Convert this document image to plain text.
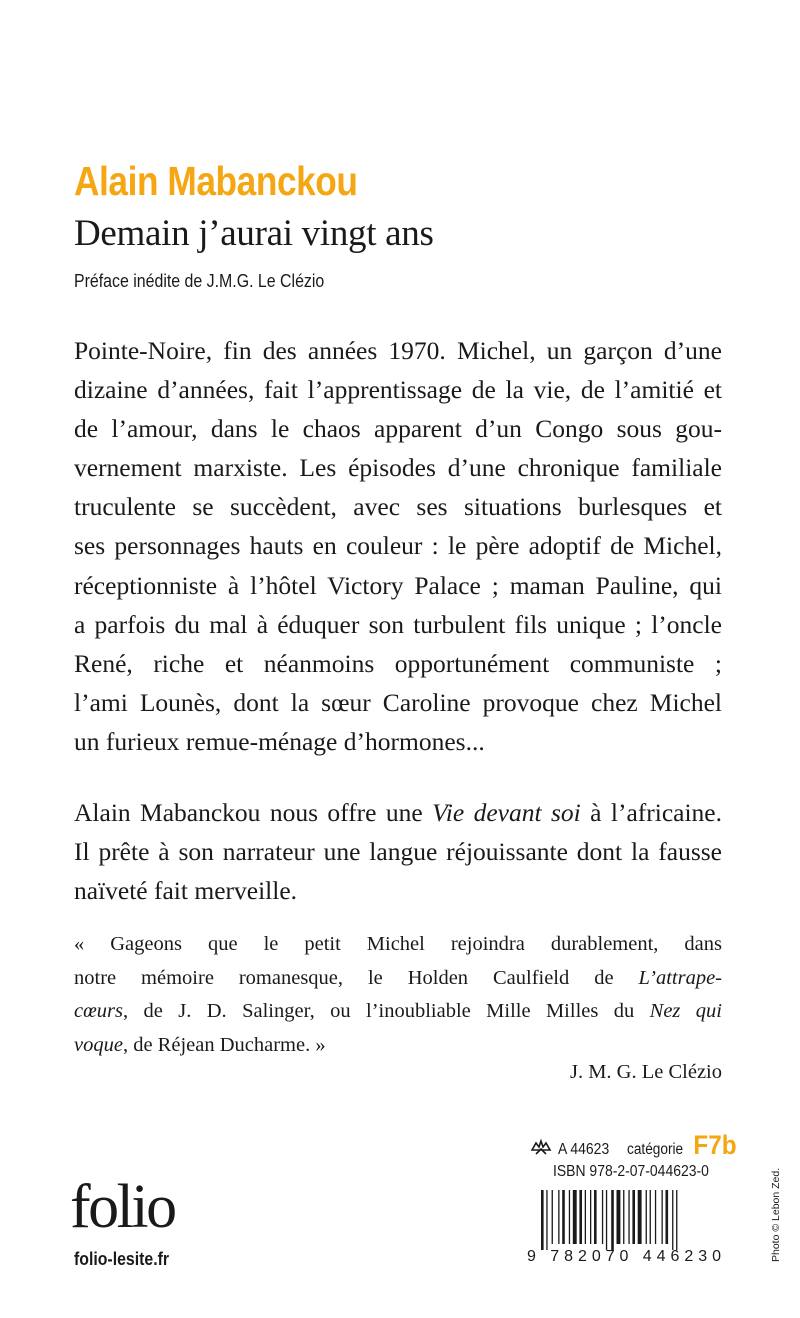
Alain Mabanckou
Demain j’aurai vingt ans

Préface inédite de J.M.G. Le Clézio

Pointe-Noire, fin des années 1970. Michel, un garçon d’une
dizaine d’années, fait l’apprentissage de la vie, de l’amitié et
de l’amour, dans le chaos apparent d’un Congo sous gou-
vernement marxiste. Les épisodes d’une chronique familiale
truculente se succèdent, avec ses situations burlesques et
ses personnages hauts en couleur : le père adoptif de Michel,
réceptionniste à l’hôtel Victory Palace ; maman Pauline, qui
a parfois du mal à éduquer son turbulent fils unique ; l’oncle
René, riche et néanmoins opportunément communiste ;
l’ami Lounès, dont la sœur Caroline provoque chez Michel
un furieux remue-ménage d’hormones...

Alain Mabanckou nous offre une Vie devant soi à l’africaine.
Il prête à son narrateur une langue réjouissante dont la fausse
naïveté fait merveille.

« Gageons que le petit Michel rejoindra durablement, dans
notre mémoire romanesque, le Holden Caulfield de L’attrape-
cœurs, de J. D. Salinger, ou l’inoubliable Mille Milles du Nez qui
voque, de Réjean Ducharme. »

J. M. G. Le Clézio

A 44623 catégorie F7b
ISBN 978-2-07-044623-0
9 782070 446230
folio
folio-lesite.fr	Photo © Lebon Zed.
